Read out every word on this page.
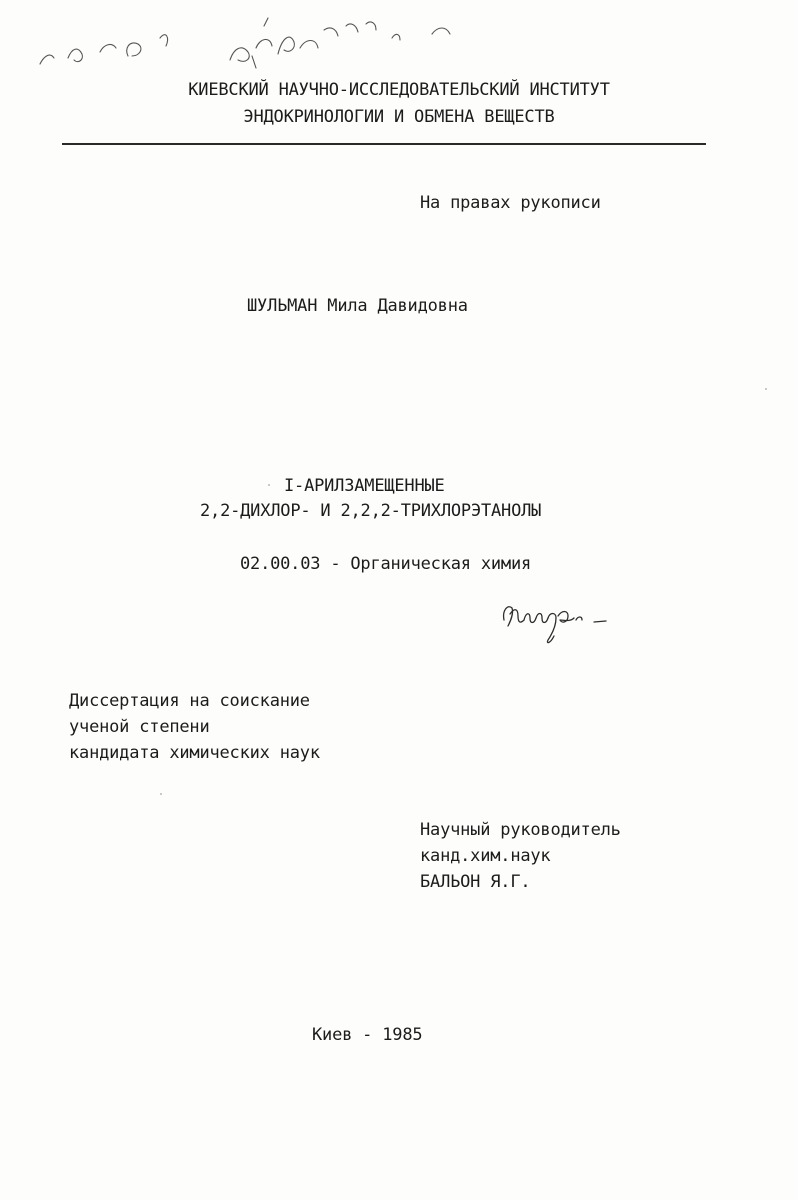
КИЕВСКИЙ НАУЧНО-ИССЛЕДОВАТЕЛЬСКИЙ ИНСТИТУТ
ЭНДОКРИНОЛОГИИ И ОБМЕНА ВЕЩЕСТВ
На правах рукописи
ШУЛЬМАН Мила Давидовна
I-АРИЛЗАМЕЩЕННЫЕ
2,2-ДИХЛОР- И 2,2,2-ТРИХЛОРЭТАНОЛЫ
02.00.03 - Органическая химия
Диссертация на соискание
ученой степени
кандидата химических наук
Научный руководитель
канд.хим.наук
БАЛЬОН Я.Г.
Киев - 1985
